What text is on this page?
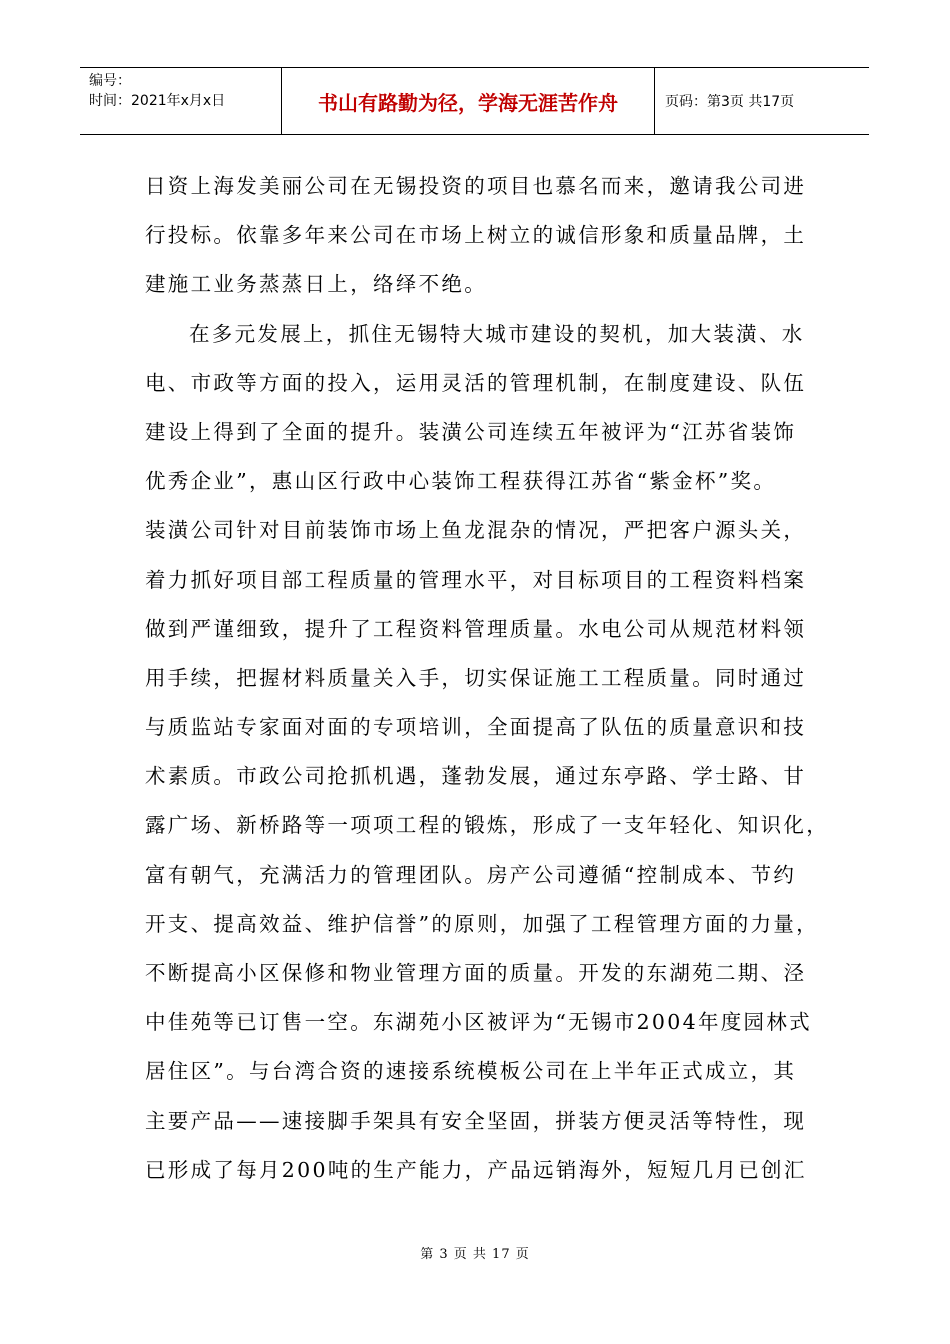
编号：
时间：2021年x月x日	书山有路勤为径，学海无涯苦作舟	页码：第3页 共17页
日资上海发美丽公司在无锡投资的项目也慕名而来，邀请我公司进
行投标。依靠多年来公司在市场上树立的诚信形象和质量品牌，土
建施工业务蒸蒸日上，络绎不绝。
在多元发展上，抓住无锡特大城市建设的契机，加大装潢、水
电、市政等方面的投入，运用灵活的管理机制，在制度建设、队伍
建设上得到了全面的提升。装潢公司连续五年被评为“江苏省装饰
优秀企业”，惠山区行政中心装饰工程获得江苏省“紫金杯”奖。
装潢公司针对目前装饰市场上鱼龙混杂的情况，严把客户源头关，
着力抓好项目部工程质量的管理水平，对目标项目的工程资料档案
做到严谨细致，提升了工程资料管理质量。水电公司从规范材料领
用手续，把握材料质量关入手，切实保证施工工程质量。同时通过
与质监站专家面对面的专项培训，全面提高了队伍的质量意识和技
术素质。市政公司抢抓机遇，蓬勃发展，通过东亭路、学士路、甘
露广场、新桥路等一项项工程的锻炼，形成了一支年轻化、知识化，
富有朝气，充满活力的管理团队。房产公司遵循“控制成本、节约
开支、提高效益、维护信誉”的原则，加强了工程管理方面的力量，
不断提高小区保修和物业管理方面的质量。开发的东湖苑二期、泾
中佳苑等已订售一空。东湖苑小区被评为“无锡市2004年度园林式
居住区”。与台湾合资的速接系统模板公司在上半年正式成立，其
主要产品——速接脚手架具有安全坚固，拼装方便灵活等特性，现
已形成了每月200吨的生产能力，产品远销海外，短短几月已创汇
第 3 页 共 17 页
